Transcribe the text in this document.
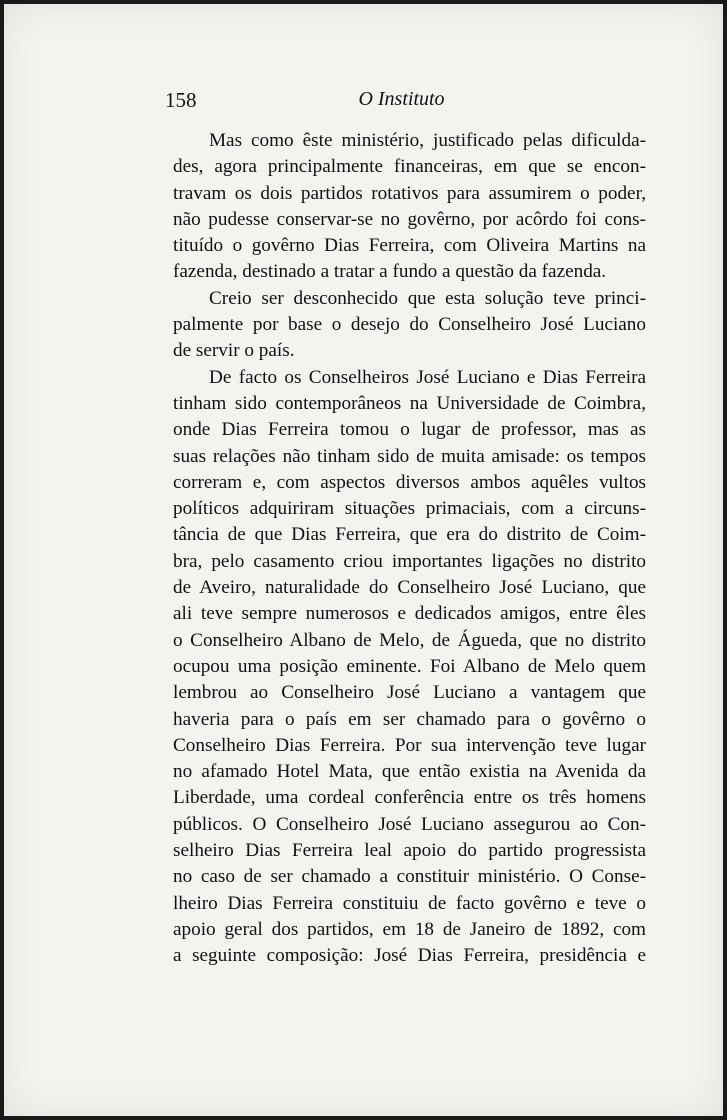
158	O Instituto
Mas como êste ministério, justificado pelas dificulda-
des, agora principalmente financeiras, em que se encon-
travam os dois partidos rotativos para assumirem o poder,
não pudesse conservar-se no govêrno, por acôrdo foi cons-
tituído o govêrno Dias Ferreira, com Oliveira Martins na
fazenda, destinado a tratar a fundo a questão da fazenda.
Creio ser desconhecido que esta solução teve princi-
palmente por base o desejo do Conselheiro José Luciano
de servir o país.
De facto os Conselheiros José Luciano e Dias Ferreira
tinham sido contemporâneos na Universidade de Coimbra,
onde Dias Ferreira tomou o lugar de professor, mas as
suas relações não tinham sido de muita amisade: os tempos
correram e, com aspectos diversos ambos aquêles vultos
políticos adquiriram situações primaciais, com a circuns-
tância de que Dias Ferreira, que era do distrito de Coim-
bra, pelo casamento criou importantes ligações no distrito
de Aveiro, naturalidade do Conselheiro José Luciano, que
ali teve sempre numerosos e dedicados amigos, entre êles
o Conselheiro Albano de Melo, de Águeda, que no distrito
ocupou uma posição eminente. Foi Albano de Melo quem
lembrou ao Conselheiro José Luciano a vantagem que
haveria para o país em ser chamado para o govêrno o
Conselheiro Dias Ferreira. Por sua intervenção teve lugar
no afamado Hotel Mata, que então existia na Avenida da
Liberdade, uma cordeal conferência entre os três homens
públicos. O Conselheiro José Luciano assegurou ao Con-
selheiro Dias Ferreira leal apoio do partido progressista
no caso de ser chamado a constituir ministério. O Conse-
lheiro Dias Ferreira constituiu de facto govêrno e teve o
apoio geral dos partidos, em 18 de Janeiro de 1892, com
a seguinte composição: José Dias Ferreira, presidência e
